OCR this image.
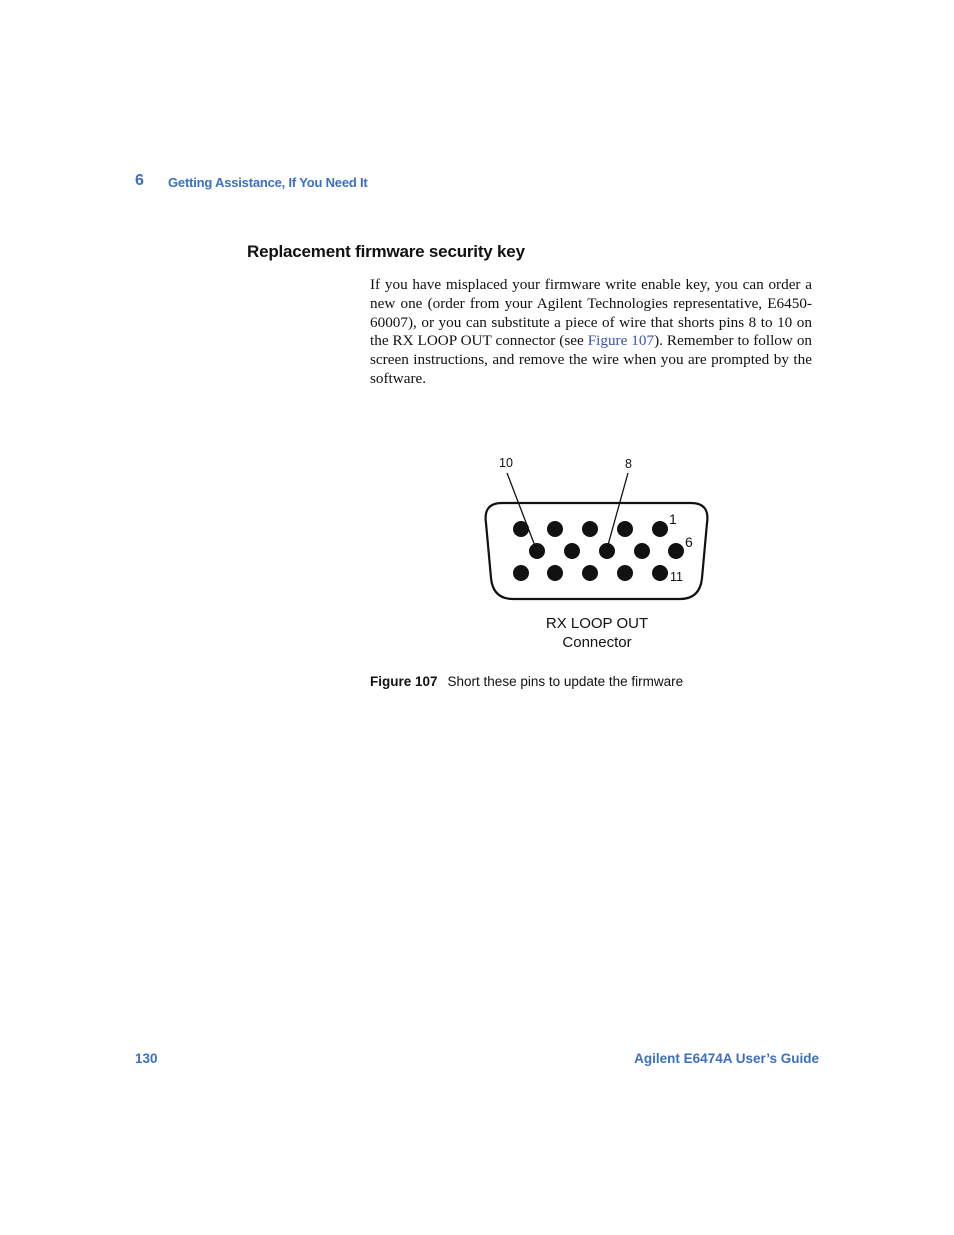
6 Getting Assistance, If You Need It
Replacement firmware security key

If you have misplaced your firmware write enable key, you can order a new one (order from your Agilent Technologies representative, E6450-60007), or you can substitute a piece of wire that shorts pins 8 to 10 on the RX LOOP OUT connector (see Figure 107). Remember to follow on screen instructions, and remove the wire when you are prompted by the software.

10	8
1
6
11
RX LOOP OUT
Connector
Figure 107 Short these pins to update the firmware
130	Agilent E6474A User’s Guide
